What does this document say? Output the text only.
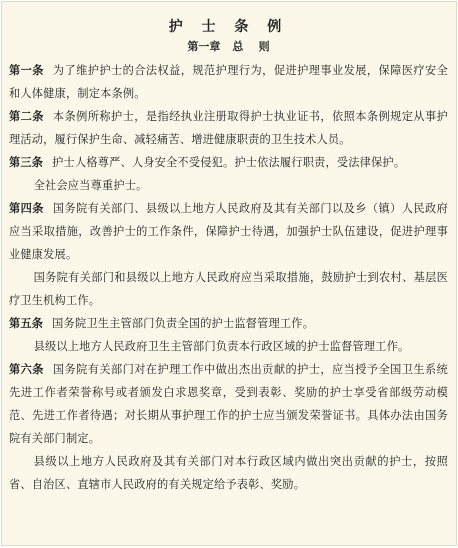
护 士 条 例
第一章 总    则

第一条 为了维护护士的合法权益，规范护理行为，促进护理事业发展，保障医疗安全和人体健康，制定本条例。

第二条 本条例所称护士，是指经执业注册取得护士执业证书，依照本条例规定从事护理活动，履行保护生命、减轻痛苦、增进健康职责的卫生技术人员。

第三条 护士人格尊严、人身安全不受侵犯。护士依法履行职责，受法律保护。

全社会应当尊重护士。

第四条 国务院有关部门、县级以上地方人民政府及其有关部门以及乡（镇）人民政府应当采取措施，改善护士的工作条件，保障护士待遇，加强护士队伍建设，促进护理事业健康发展。

国务院有关部门和县级以上地方人民政府应当采取措施，鼓励护士到农村、基层医疗卫生机构工作。

第五条 国务院卫生主管部门负责全国的护士监督管理工作。

县级以上地方人民政府卫生主管部门负责本行政区域的护士监督管理工作。

第六条 国务院有关部门对在护理工作中做出杰出贡献的护士，应当授予全国卫生系统先进工作者荣誉称号或者颁发白求恩奖章，受到表彰、奖励的护士享受省部级劳动模范、先进工作者待遇；对长期从事护理工作的护士应当颁发荣誉证书。具体办法由国务院有关部门制定。

县级以上地方人民政府及其有关部门对本行政区域内做出突出贡献的护士，按照省、自治区、直辖市人民政府的有关规定给予表彰、奖励。
